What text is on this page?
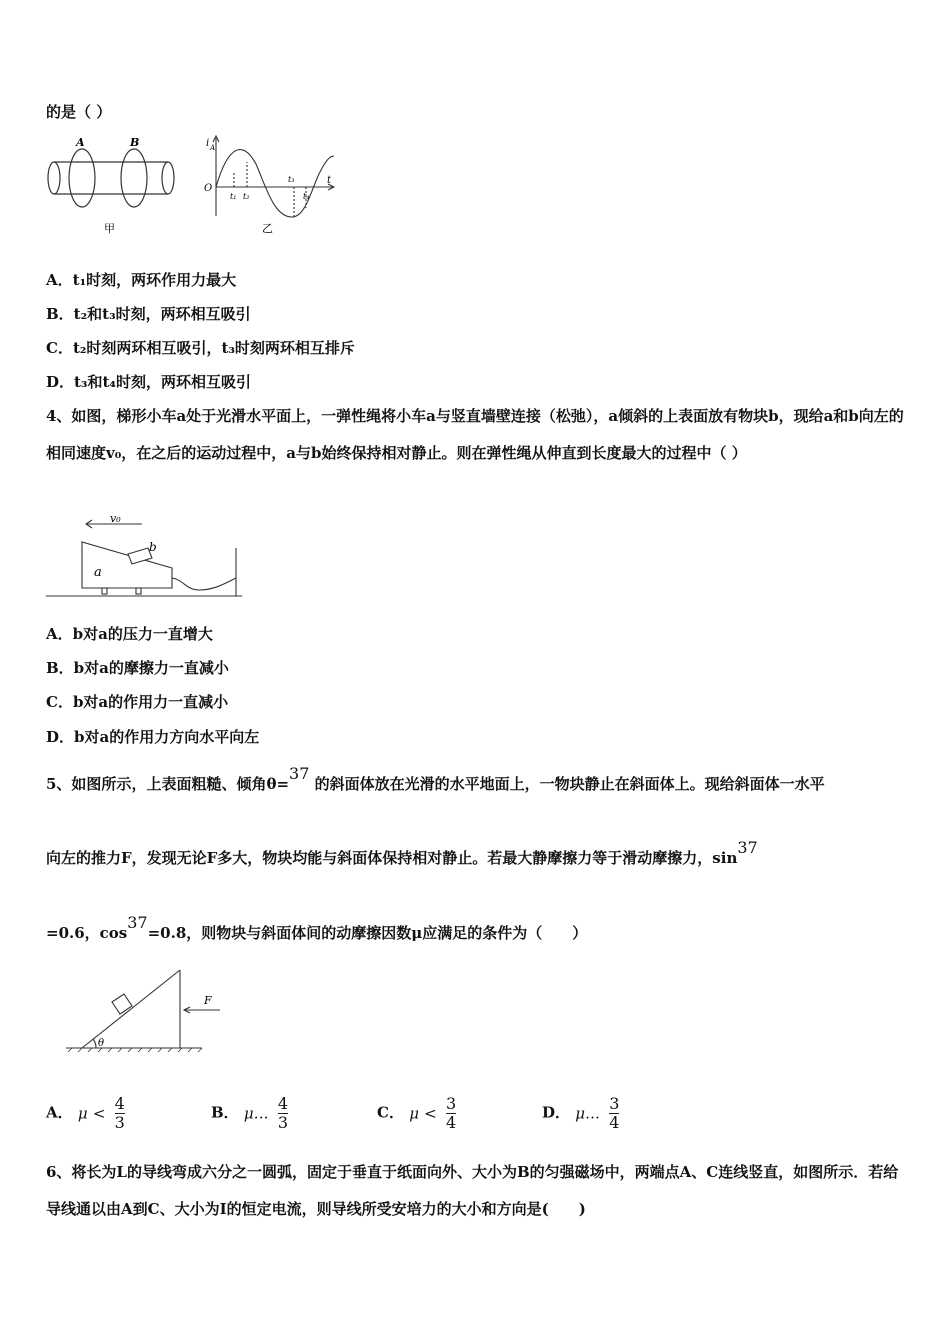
的是（ ）
A	B
甲
i A
O
t
t₁ t₂
t₃
t₄
乙
A．t₁时刻，两环作用力最大
B．t₂和t₃时刻，两环相互吸引
C．t₂时刻两环相互吸引，t₃时刻两环相互排斥
D．t₃和t₄时刻，两环相互吸引
4、如图，梯形小车a处于光滑水平面上，一弹性绳将小车a与竖直墙壁连接（松弛），a倾斜的上表面放有物块b，现给a和b向左的相同速度v₀，在之后的运动过程中，a与b始终保持相对静止。则在弹性绳从伸直到长度最大的过程中（ ）
v₀
a
b
A．b对a的压力一直增大
B．b对a的摩擦力一直减小
C．b对a的作用力一直减小
D．b对a的作用力方向水平向左
5、如图所示，上表面粗糙、倾角θ=37 的斜面体放在光滑的水平地面上，一物块静止在斜面体上。现给斜面体一水平
向左的推力F，发现无论F多大，物块均能与斜面体保持相对静止。若最大静摩擦力等于滑动摩擦力，sin37
=0.6，cos37=0.8，则物块与斜面体间的动摩擦因数μ应满足的条件为（　　）
F
θ
A． $\mu < \frac{4}{3}$	B． μ… $\frac{4}{3}$	C． $\mu < \frac{3}{4}$	D． μ… $\frac{3}{4}$
6、将长为L的导线弯成六分之一圆弧，固定于垂直于纸面向外、大小为B的匀强磁场中，两端点A、C连线竖直，如图所示．若给导线通以由A到C、大小为I的恒定电流，则导线所受安培力的大小和方向是(　　)
